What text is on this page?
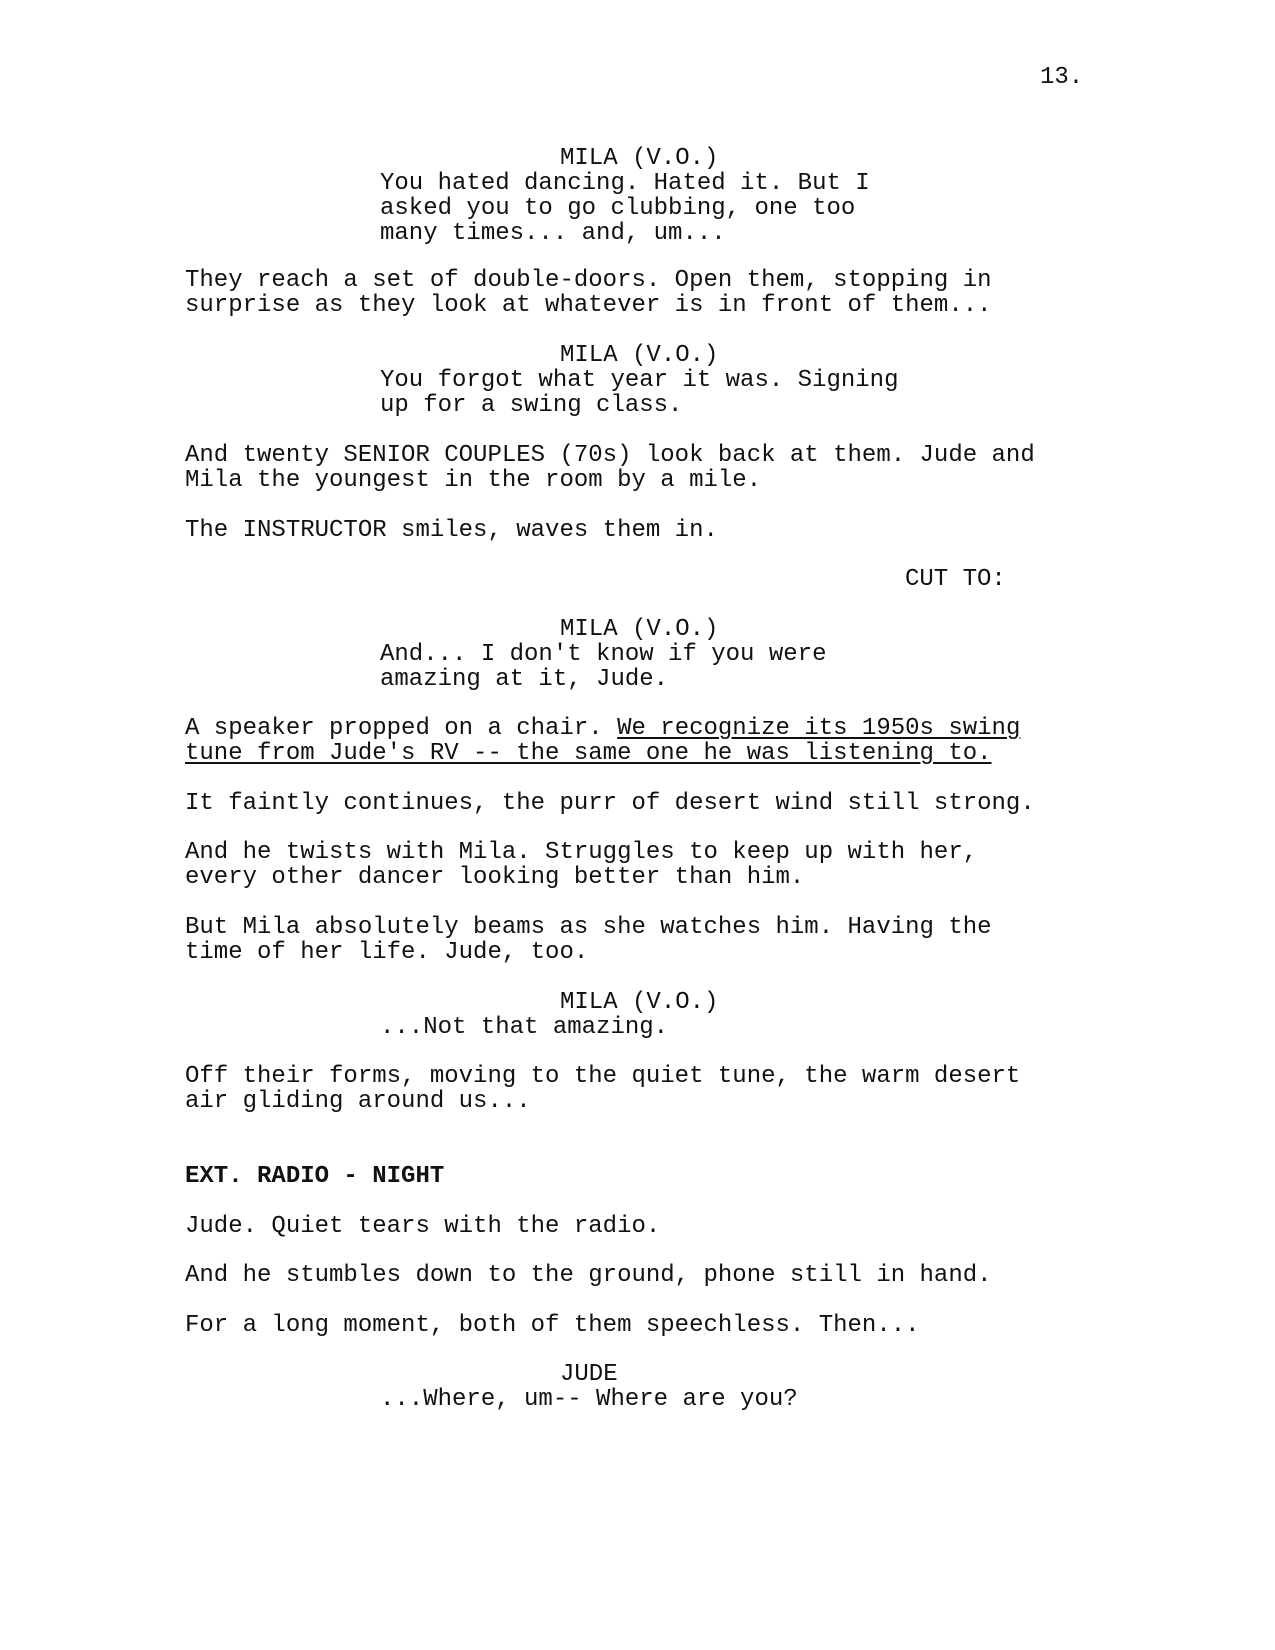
13.
MILA (V.O.)
You hated dancing. Hated it. But I
asked you to go clubbing, one too
many times... and, um...
They reach a set of double-doors. Open them, stopping in
surprise as they look at whatever is in front of them...
MILA (V.O.)
You forgot what year it was. Signing
up for a swing class.
And twenty SENIOR COUPLES (70s) look back at them. Jude and
Mila the youngest in the room by a mile.
The INSTRUCTOR smiles, waves them in.
CUT TO:
MILA (V.O.)
And... I don't know if you were
amazing at it, Jude.
A speaker propped on a chair. We recognize its 1950s swing
tune from Jude's RV -- the same one he was listening to.
It faintly continues, the purr of desert wind still strong.
And he twists with Mila. Struggles to keep up with her,
every other dancer looking better than him.
But Mila absolutely beams as she watches him. Having the
time of her life. Jude, too.
MILA (V.O.)
...Not that amazing.
Off their forms, moving to the quiet tune, the warm desert
air gliding around us...
EXT. RADIO - NIGHT
Jude. Quiet tears with the radio.
And he stumbles down to the ground, phone still in hand.
For a long moment, both of them speechless. Then...
JUDE
...Where, um-- Where are you?
